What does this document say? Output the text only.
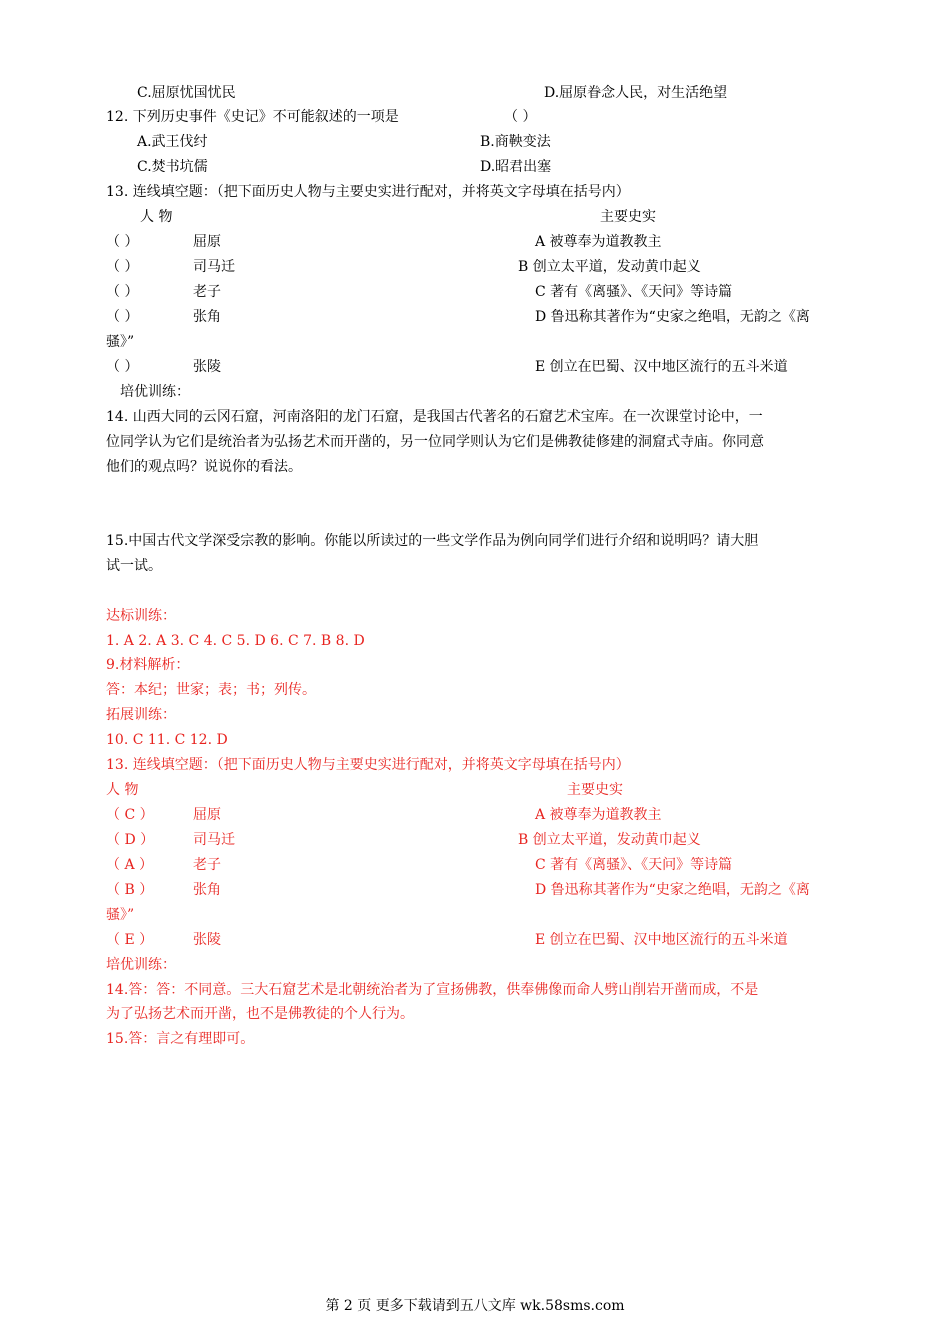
C.屈原忧国忧民	D.屈原眷念人民，对生活绝望
12. 下列历史事件《史记》不可能叙述的一项是	（ ）
A.武王伐纣	B.商鞅变法
C.焚书坑儒	D.昭君出塞
13. 连线填空题：（把下面历史人物与主要史实进行配对，并将英文字母填在括号内）
人 物	主要史实
（ ）	屈原	A 被尊奉为道教教主
（ ）	司马迁	B 创立太平道，发动黄巾起义
（ ）	老子	C 著有《离骚》、《天问》等诗篇
（ ）	张角	D 鲁迅称其著作为“史家之绝唱，无韵之《离
骚》”
（ ）	张陵	E 创立在巴蜀、汉中地区流行的五斗米道
培优训练：
14. 山西大同的云冈石窟，河南洛阳的龙门石窟，是我国古代著名的石窟艺术宝库。在一次课堂讨论中，一
位同学认为它们是统治者为弘扬艺术而开凿的，另一位同学则认为它们是佛教徒修建的洞窟式寺庙。你同意
他们的观点吗？说说你的看法。
15.中国古代文学深受宗教的影响。你能以所读过的一些文学作品为例向同学们进行介绍和说明吗？请大胆
试一试。
达标训练：
1. A 2. A 3. C 4. C 5. D 6. C 7. B 8. D
9.材料解析：
答：本纪；世家；表；书；列传。
拓展训练：
10. C 11. C 12. D
13. 连线填空题：（把下面历史人物与主要史实进行配对，并将英文字母填在括号内）
人 物	主要史实
（ C ）	屈原	A 被尊奉为道教教主
（ D ）	司马迁	B 创立太平道，发动黄巾起义
（ A ）	老子	C 著有《离骚》、《天问》等诗篇
（ B ）	张角	D 鲁迅称其著作为“史家之绝唱，无韵之《离
骚》”
（ E ）	张陵	E 创立在巴蜀、汉中地区流行的五斗米道
培优训练：
14.答：答：不同意。三大石窟艺术是北朝统治者为了宣扬佛教，供奉佛像而命人劈山削岩开凿而成，不是
为了弘扬艺术而开凿，也不是佛教徒的个人行为。
15.答：言之有理即可。
第 2 页 更多下载请到五八文库 wk.58sms.com
